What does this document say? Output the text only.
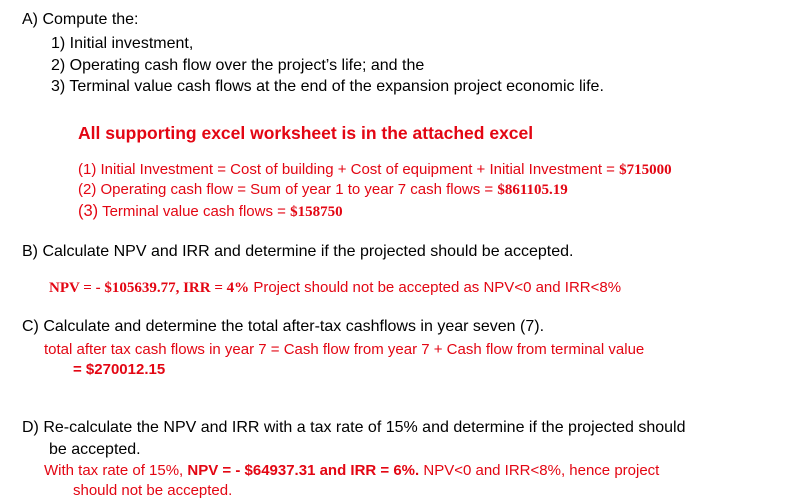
A) Compute the:
1) Initial investment,
2) Operating cash flow over the project’s life; and the
3) Terminal value cash flows at the end of the expansion project economic life.
All supporting excel worksheet is in the attached excel
(1) Initial Investment = Cost of building + Cost of equipment + Initial Investment = $715000
(2) Operating cash flow = Sum of year 1 to year 7 cash flows = $861105.19
(3) Terminal value cash flows = $158750
B) Calculate NPV and IRR and determine if the projected should be accepted.
NPV = - $105639.77, IRR = 4% Project should not be accepted as NPV<0 and IRR<8%
C) Calculate and determine the total after-tax cashflows in year seven (7).
total after tax cash flows in year 7 = Cash flow from year 7 + Cash flow from terminal value
= $270012.15
D) Re-calculate the NPV and IRR with a tax rate of 15% and determine if the projected should
be accepted.
With tax rate of 15%, NPV = - $64937.31 and IRR = 6%. NPV<0 and IRR<8%, hence project
should not be accepted.
